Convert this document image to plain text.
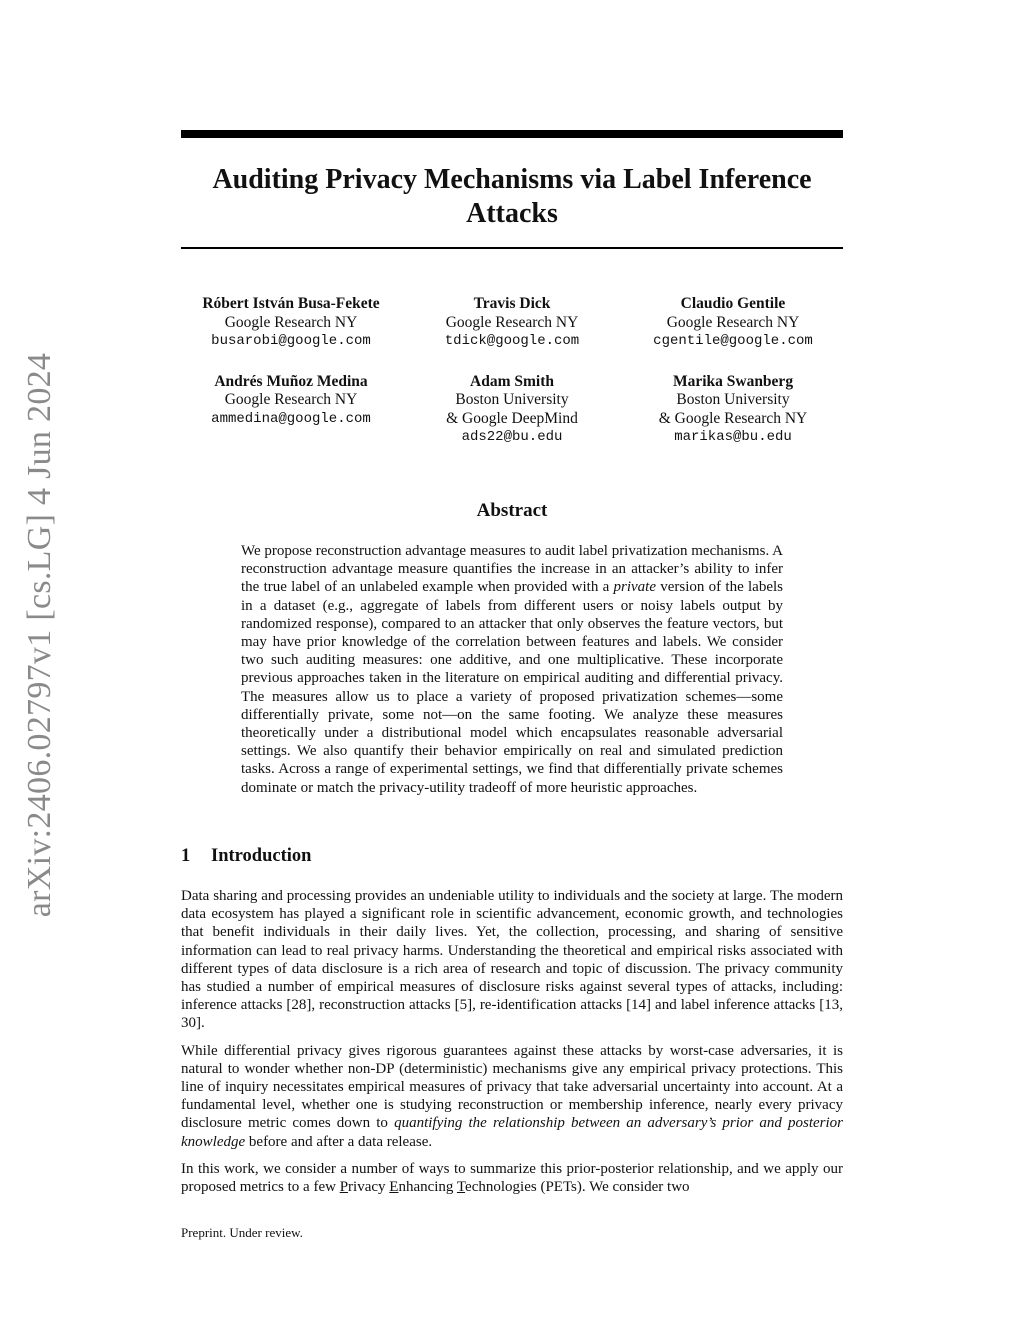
arXiv:2406.02797v1 [cs.LG] 4 Jun 2024
Auditing Privacy Mechanisms via Label Inference Attacks
Róbert István Busa-Fekete
Google Research NY
busarobi@google.com
Travis Dick
Google Research NY
tdick@google.com
Claudio Gentile
Google Research NY
cgentile@google.com
Andrés Muñoz Medina
Google Research NY
ammedina@google.com
Adam Smith
Boston University
& Google DeepMind
ads22@bu.edu
Marika Swanberg
Boston University
& Google Research NY
marikas@bu.edu
Abstract

We propose reconstruction advantage measures to audit label privatization mechanisms. A reconstruction advantage measure quantifies the increase in an attacker’s ability to infer the true label of an unlabeled example when provided with a private version of the labels in a dataset (e.g., aggregate of labels from different users or noisy labels output by randomized response), compared to an attacker that only observes the feature vectors, but may have prior knowledge of the correlation between features and labels. We consider two such auditing measures: one additive, and one multiplicative. These incorporate previous approaches taken in the literature on empirical auditing and differential privacy. The measures allow us to place a variety of proposed privatization schemes—some differentially private, some not—on the same footing. We analyze these measures theoretically under a distributional model which encapsulates reasonable adversarial settings. We also quantify their behavior empirically on real and simulated prediction tasks. Across a range of experimental settings, we find that differentially private schemes dominate or match the privacy-utility tradeoff of more heuristic approaches.

1 Introduction

Data sharing and processing provides an undeniable utility to individuals and the society at large. The modern data ecosystem has played a significant role in scientific advancement, economic growth, and technologies that benefit individuals in their daily lives. Yet, the collection, processing, and sharing of sensitive information can lead to real privacy harms. Understanding the theoretical and empirical risks associated with different types of data disclosure is a rich area of research and topic of discussion. The privacy community has studied a number of empirical measures of disclosure risks against several types of attacks, including: inference attacks [28], reconstruction attacks [5], re-identification attacks [14] and label inference attacks [13, 30].

While differential privacy gives rigorous guarantees against these attacks by worst-case adversaries, it is natural to wonder whether non-DP (deterministic) mechanisms give any empirical privacy protections. This line of inquiry necessitates empirical measures of privacy that take adversarial uncertainty into account. At a fundamental level, whether one is studying reconstruction or membership inference, nearly every privacy disclosure metric comes down to quantifying the relationship between an adversary’s prior and posterior knowledge before and after a data release.

In this work, we consider a number of ways to summarize this prior-posterior relationship, and we apply our proposed metrics to a few Privacy Enhancing Technologies (PETs). We consider two

Preprint. Under review.
